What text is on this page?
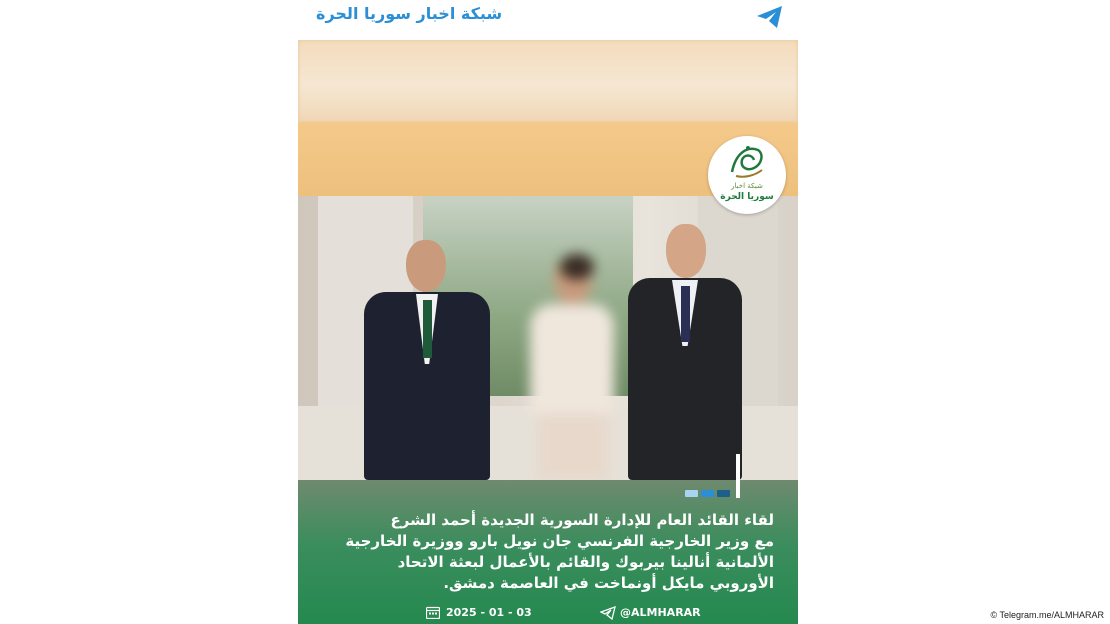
شبكة اخبار سوريا الحرة
شبكة اخبار
سوريا الحرة
لقاء القائد العام للإدارة السورية الجديدة أحمد الشرع
مع وزير الخارجية الفرنسي جان نويل بارو ووزيرة الخارجية
الألمانية أنالينا بيربوك والقائم بالأعمال لبعثة الاتحاد
الأوروبي مايكل أونماخت في العاصمة دمشق.
2025 - 01 - 03	@ALMHARAR	© Telegram.me/ALMHARAR
